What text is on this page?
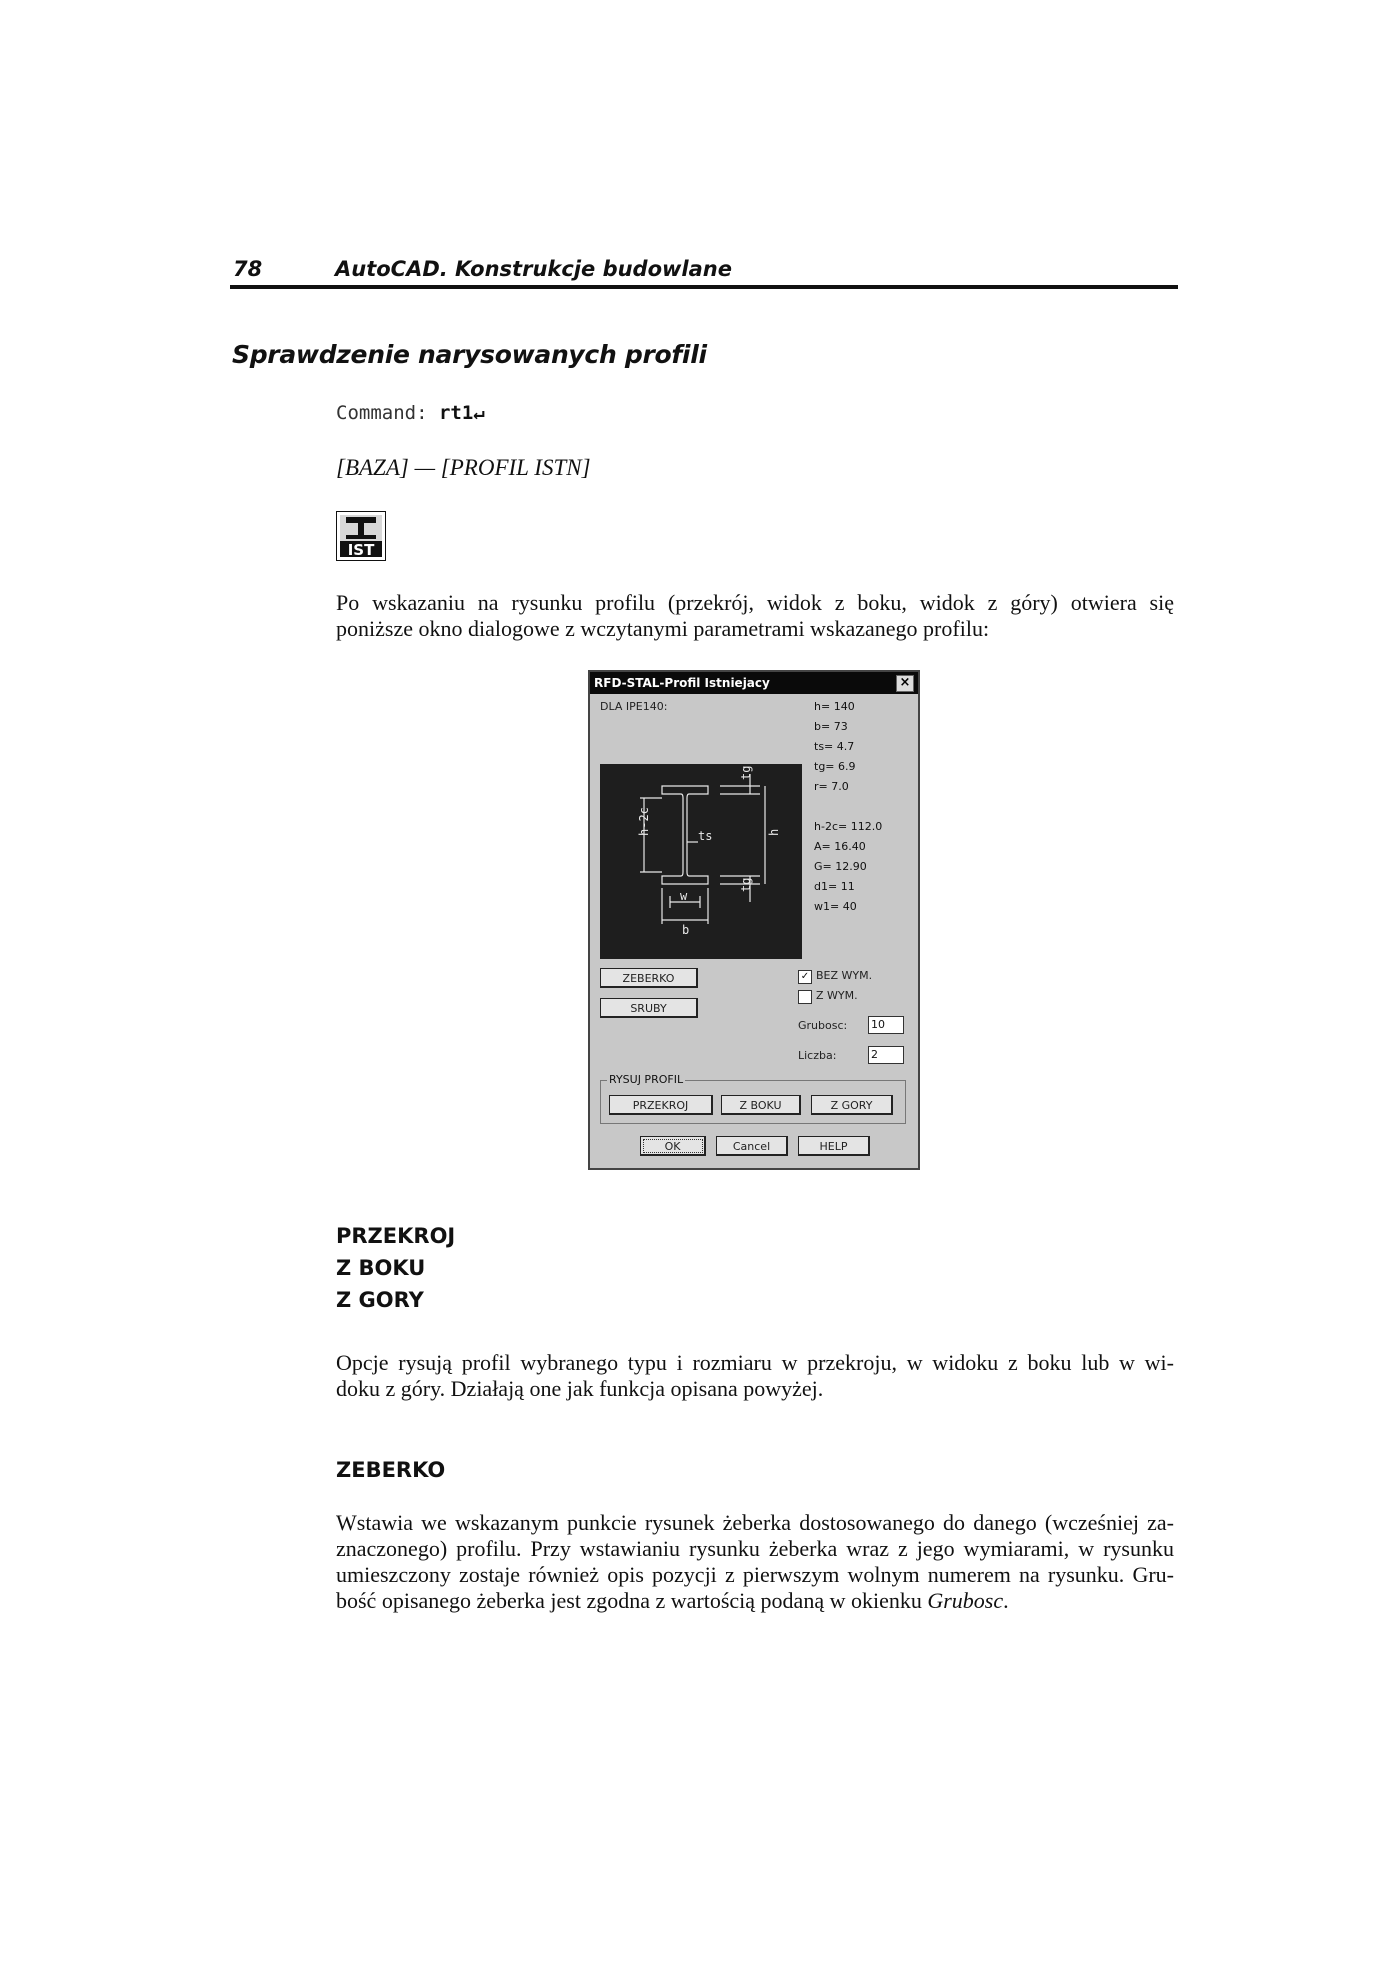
78	AutoCAD. Konstrukcje budowlane
Sprawdzenie narysowanych profili
Command: rt1↵
[BAZA] — [PROFIL ISTN]
IST
Po wskazaniu na rysunku profilu (przekrój, widok z boku, widok z góry) otwiera się
poniższe okno dialogowe z wczytanymi parametrami wskazanego profilu:
RFD-STAL-Profil Istniejacy	×
DLA IPE140:	h= 140
b= 73
ts= 4.7
tg= 6.9
r= 7.0
h-2c= 112.0
A= 16.40
G= 12.90
d1= 11
w1= 40
h-2c	ts	h
tg
tg
w
b
ZEBERKO
SRUBY
✓ BEZ WYM.
Z WYM.
Grubosc: 10
Liczba:	2
RYSUJ PROFIL
PRZEKROJ	Z BOKU	Z GORY
OK	Cancel	HELP
PRZEKROJ
Z BOKU
Z GORY
Opcje rysują profil wybranego typu i rozmiaru w przekroju, w widoku z boku lub w wi-
doku z góry. Działają one jak funkcja opisana powyżej.
ZEBERKO
Wstawia we wskazanym punkcie rysunek żeberka dostosowanego do danego (wcześniej za-
znaczonego) profilu. Przy wstawianiu rysunku żeberka wraz z jego wymiarami, w rysunku
umieszczony zostaje również opis pozycji z pierwszym wolnym numerem na rysunku. Gru-
bość opisanego żeberka jest zgodna z wartością podaną w okienku Grubosc.
